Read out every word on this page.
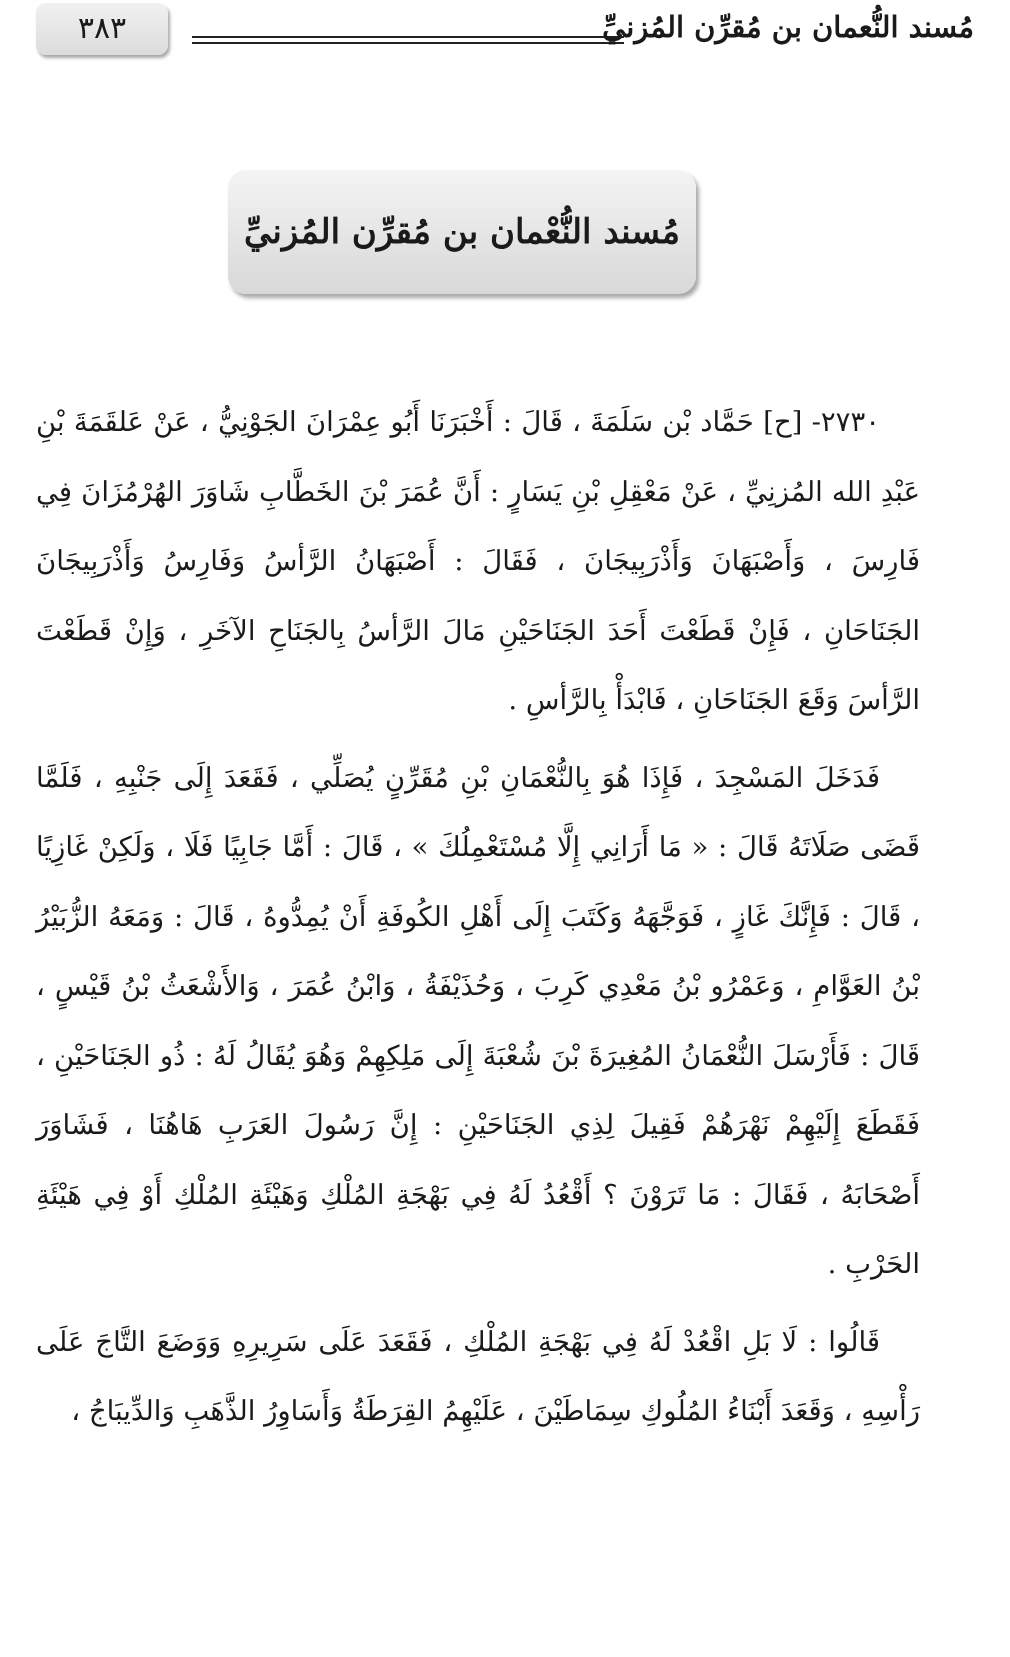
٣٨٣	مُسند النُّعمان بن مُقرِّن المُزنيِّ
مُسند النُّعْمان بن مُقرِّن المُزنيِّ

٢٧٣٠- [ح] حَمَّاد بْن سَلَمَةَ ، قَالَ : أَخْبَرَنَا أَبُو عِمْرَانَ الجَوْنِيُّ ، عَنْ عَلقَمَةَ بْنِ عَبْدِ الله المُزنِيِّ ، عَنْ مَعْقِلِ بْنِ يَسَارٍ : أَنَّ عُمَرَ بْنَ الخَطَّابِ شَاوَرَ الهُرْمُزَانَ فِي فَارِسَ ، وَأَصْبَهَانَ وَأَذْرَبِيجَانَ ، فَقَالَ : أَصْبَهَانُ الرَّأسُ وَفَارِسُ وَأَذْرَبِيجَانَ الجَنَاحَانِ ، فَإِنْ قَطَعْتَ أَحَدَ الجَنَاحَيْنِ مَالَ الرَّأسُ بِالجَنَاحِ الآخَرِ ، وَإِنْ قَطَعْتَ الرَّأسَ وَقَعَ الجَنَاحَانِ ، فَابْدَأْ بِالرَّأسِ .

فَدَخَلَ المَسْجِدَ ، فَإِذَا هُوَ بِالنُّعْمَانِ بْنِ مُقَرِّنٍ يُصَلِّي ، فَقَعَدَ إِلَى جَنْبِهِ ، فَلَمَّا قَضَى صَلَاتَهُ قَالَ : « مَا أَرَانِي إِلَّا مُسْتَعْمِلُكَ » ، قَالَ : أَمَّا جَابِيًا فَلَا ، وَلَكِنْ غَازِيًا ، قَالَ : فَإِنَّكَ غَازٍ ، فَوَجَّهَهُ وَكَتَبَ إِلَى أَهْلِ الكُوفَةِ أَنْ يُمِدُّوهُ ، قَالَ : وَمَعَهُ الزُّبَيْرُ بْنُ العَوَّامِ ، وَعَمْرُو بْنُ مَعْدِي كَرِبَ ، وَحُذَيْفَةُ ، وَابْنُ عُمَرَ ، وَالأَشْعَثُ بْنُ قَيْسٍ ، قَالَ : فَأَرْسَلَ النُّعْمَانُ المُغِيرَةَ بْنَ شُعْبَةَ إِلَى مَلِكِهِمْ وَهُوَ يُقَالُ لَهُ : ذُو الجَنَاحَيْنِ ، فَقَطَعَ إِلَيْهِمْ نَهْرَهُمْ فَقِيلَ لِذِي الجَنَاحَيْنِ : إِنَّ رَسُولَ العَرَبِ هَاهُنَا ، فَشَاوَرَ أَصْحَابَهُ ، فَقَالَ : مَا تَرَوْنَ ؟ أَقْعُدُ لَهُ فِي بَهْجَةِ المُلْكِ وَهَيْئَةِ المُلْكِ أَوْ فِي هَيْئَةِ الحَرْبِ .

قَالُوا : لَا بَلِ اقْعُدْ لَهُ فِي بَهْجَةِ المُلْكِ ، فَقَعَدَ عَلَى سَرِيرِهِ وَوَضَعَ التَّاجَ عَلَى رَأْسِهِ ، وَقَعَدَ أَبْنَاءُ المُلُوكِ سِمَاطَيْنَ ، عَلَيْهِمُ القِرَطَةُ وَأَسَاوِرُ الذَّهَبِ وَالدِّيبَاجُ ،
